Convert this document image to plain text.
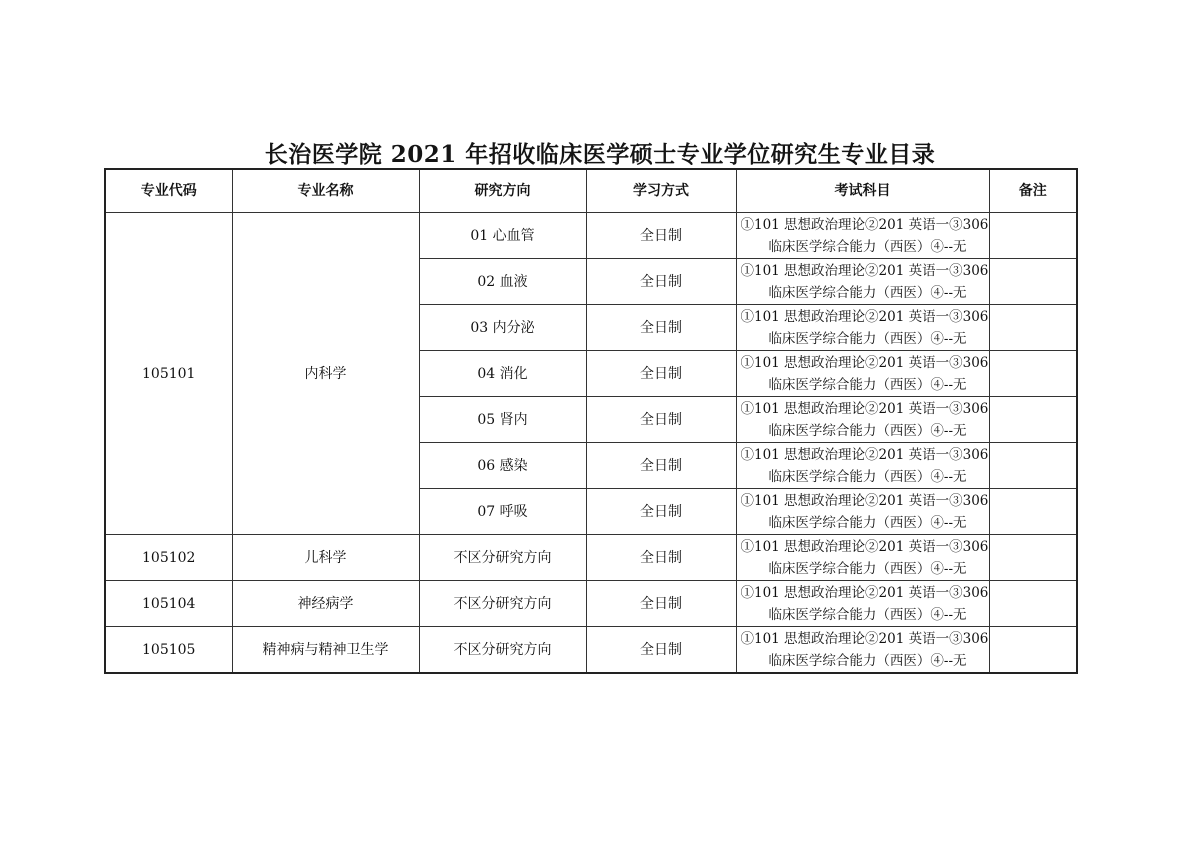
长治医学院 2021 年招收临床医学硕士专业学位研究生专业目录
专业代码	专业名称	研究方向	学习方式	考试科目	备注
105101	内科学	01 心血管	全日制	①101 思想政治理论②201 英语一③306
临床医学综合能力（西医）④--无	

		02 血液	全日制	①101 思想政治理论②201 英语一③306
临床医学综合能力（西医）④--无	

		03 内分泌	全日制	①101 思想政治理论②201 英语一③306
临床医学综合能力（西医）④--无	

		04 消化	全日制	①101 思想政治理论②201 英语一③306
临床医学综合能力（西医）④--无	

		05 肾内	全日制	①101 思想政治理论②201 英语一③306
临床医学综合能力（西医）④--无	

		06 感染	全日制	①101 思想政治理论②201 英语一③306
临床医学综合能力（西医）④--无	

		07 呼吸	全日制	①101 思想政治理论②201 英语一③306
临床医学综合能力（西医）④--无	

105102	儿科学	不区分研究方向	全日制	①101 思想政治理论②201 英语一③306
临床医学综合能力（西医）④--无	

105104	神经病学	不区分研究方向	全日制	①101 思想政治理论②201 英语一③306
临床医学综合能力（西医）④--无	

105105	精神病与精神卫生学	不区分研究方向	全日制	①101 思想政治理论②201 英语一③306
临床医学综合能力（西医）④--无	
